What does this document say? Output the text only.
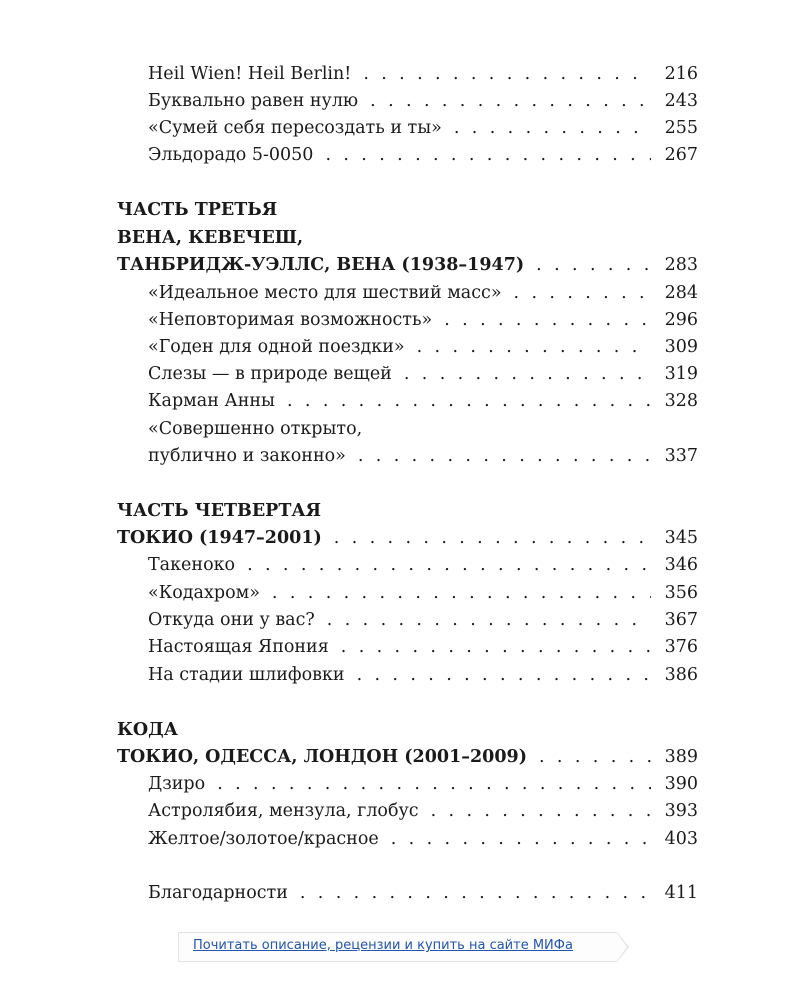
Heil Wien! Heil Berlin! . . .	216
Буквально равен нулю . . .	243
«Сумей себя пересоздать и ты» . . .	255
Эльдорадо 5-0050 . . .	267
ЧАСТЬ ТРЕТЬЯ
ВЕНА, КЕВЕЧЕШ,
ТАНБРИДЖ-УЭЛЛС, ВЕНА (1938–1947) . . .	283
«Идеальное место для шествий масс» . . .	284
«Неповторимая возможность» . . .	296
«Годен для одной поездки» . . .	309
Слезы — в природе вещей . . .	319
Карман Анны . . .	328
«Совершенно открыто,
публично и законно» . . .	337
ЧАСТЬ ЧЕТВЕРТАЯ
ТОКИО (1947–2001) . . .	345
Такеноко . . .	346
«Кодахром» . . .	356
Откуда они у вас? . . .	367
Настоящая Япония . . .	376
На стадии шлифовки . . .	386
КОДА
ТОКИО, ОДЕССА, ЛОНДОН (2001–2009) . . .	389
Дзиро . . .	390
Астролябия, мензула, глобус . . .	393
Желтое/золотое/красное . . .	403
Благодарности . . .	411
Почитать описание, рецензии и купить на сайте МИФа
